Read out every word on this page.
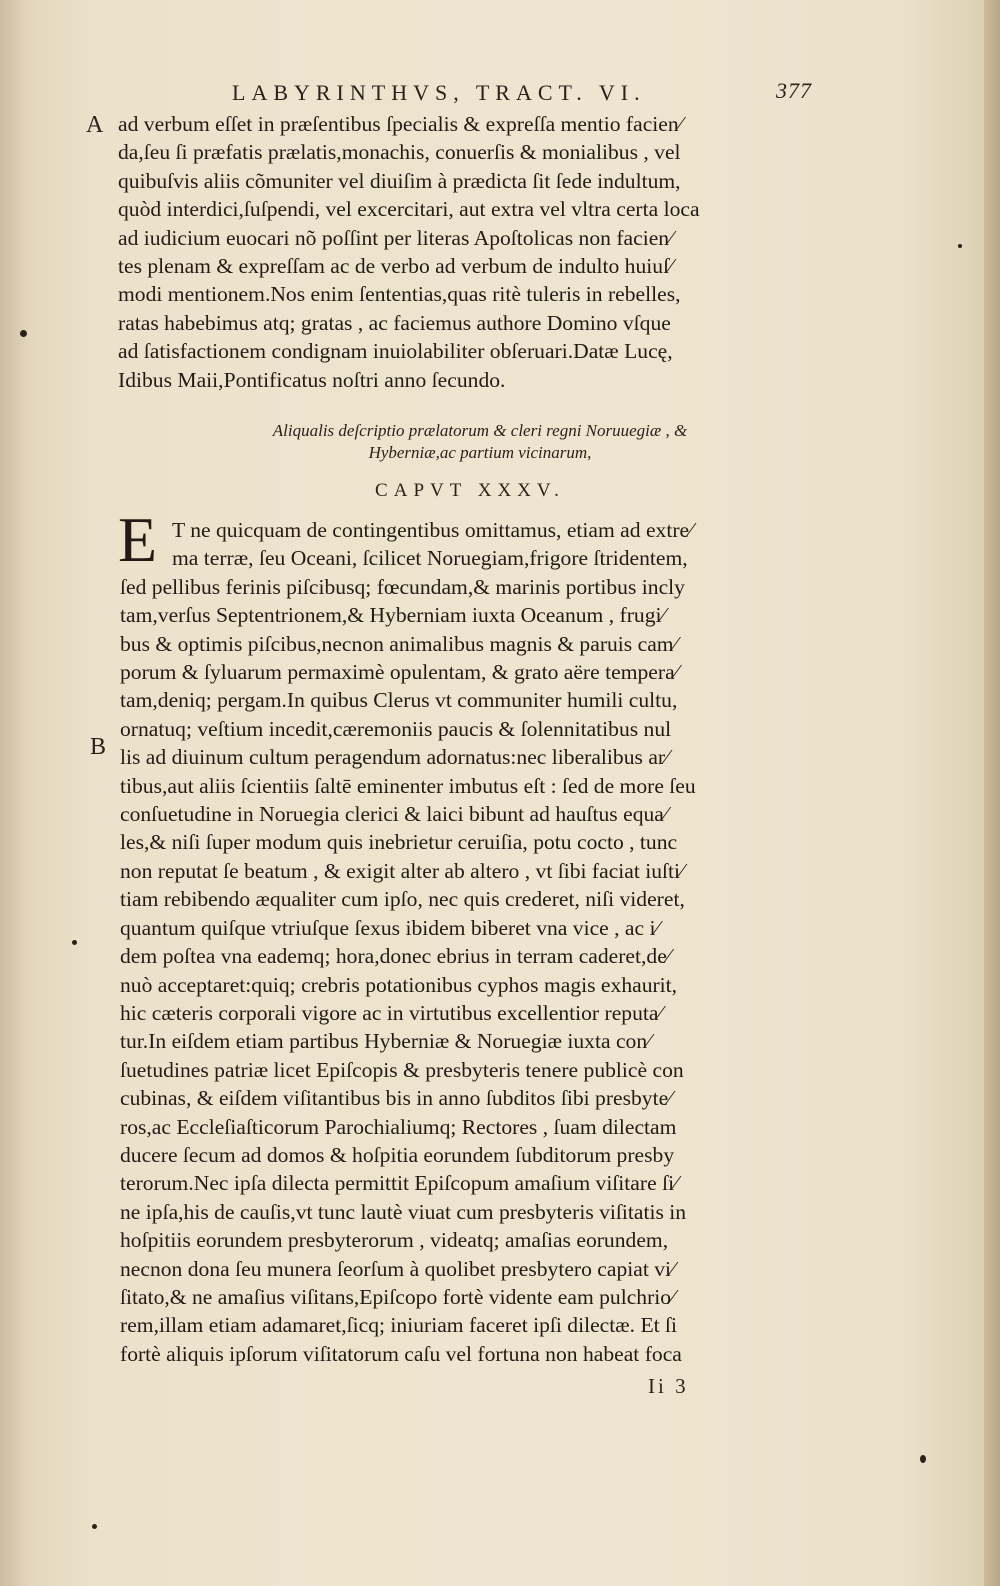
LABYRINTHVS, TRACT. VI.	377
A
B
ad verbum eſſet in præſentibus ſpecialis & expreſſa mentio facien⁄
da,ſeu ſi præfatis prælatis,monachis, conuerſis & monialibus , vel
quibuſvis aliis cõmuniter vel diuiſim à prædicta ſit ſede indultum,
quòd interdici,ſuſpendi, vel excercitari, aut extra vel vltra certa loca
ad iudicium euocari nõ poſſint per literas Apoſtolicas non facien⁄
tes plenam & expreſſam ac de verbo ad verbum de indulto huiuſ⁄
modi mentionem.Nos enim ſententias,quas ritè tuleris in rebelles,
ratas habebimus atq; gratas , ac faciemus authore Domino vſque
ad ſatisfactionem condignam inuiolabiliter obſeruari.Datæ Lucę,
Idibus Maii,Pontificatus noſtri anno ſecundo.
Aliqualis deſcriptio prælatorum & cleri regni Noruuegiæ , &
Hyberniæ,ac partium vicinarum,
CAPVT XXXV.
E T ne quicquam de contingentibus omittamus, etiam ad extre⁄
ma terræ, ſeu Oceani, ſcilicet Noruegiam,frigore ſtridentem,
ſed pellibus ferinis piſcibusq; fœcundam,& marinis portibus incly
tam,verſus Septentrionem,& Hyberniam iuxta Oceanum , frugi⁄
bus & optimis piſcibus,necnon animalibus magnis & paruis cam⁄
porum & ſyluarum permaximè opulentam, & grato aëre tempera⁄
tam,deniq; pergam.In quibus Clerus vt communiter humili cultu,
ornatuq; veſtium incedit,cæremoniis paucis & ſolennitatibus nul
lis ad diuinum cultum peragendum adornatus:nec liberalibus ar⁄
tibus,aut aliis ſcientiis ſaltē eminenter imbutus eſt : ſed de more ſeu
conſuetudine in Noruegia clerici & laici bibunt ad hauſtus equa⁄
les,& niſi ſuper modum quis inebrietur ceruiſia, potu cocto , tunc
non reputat ſe beatum , & exigit alter ab altero , vt ſibi faciat iuſti⁄
tiam rebibendo æqualiter cum ipſo, nec quis crederet, niſi videret,
quantum quiſque vtriuſque ſexus ibidem biberet vna vice , ac i⁄
dem poſtea vna eademq; hora,donec ebrius in terram caderet,de⁄
nuò acceptaret:quiq; crebris potationibus cyphos magis exhaurit,
hic cæteris corporali vigore ac in virtutibus excellentior reputa⁄
tur.In eiſdem etiam partibus Hyberniæ & Noruegiæ iuxta con⁄
ſuetudines patriæ licet Epiſcopis & presbyteris tenere publicè con
cubinas, & eiſdem viſitantibus bis in anno ſubditos ſibi presbyte⁄
ros,ac Eccleſiaſticorum Parochialiumq; Rectores , ſuam dilectam
ducere ſecum ad domos & hoſpitia eorundem ſubditorum presby
terorum.Nec ipſa dilecta permittit Epiſcopum amaſium viſitare ſi⁄
ne ipſa,his de cauſis,vt tunc lautè viuat cum presbyteris viſitatis in
hoſpitiis eorundem presbyterorum , videatq; amaſias eorundem,
necnon dona ſeu munera ſeorſum à quolibet presbytero capiat vi⁄
ſitato,& ne amaſius viſitans,Epiſcopo fortè vidente eam pulchrio⁄
rem,illam etiam adamaret,ſicq; iniuriam faceret ipſi dilectæ. Et ſi
fortè aliquis ipſorum viſitatorum caſu vel fortuna non habeat foca
Ii 3
